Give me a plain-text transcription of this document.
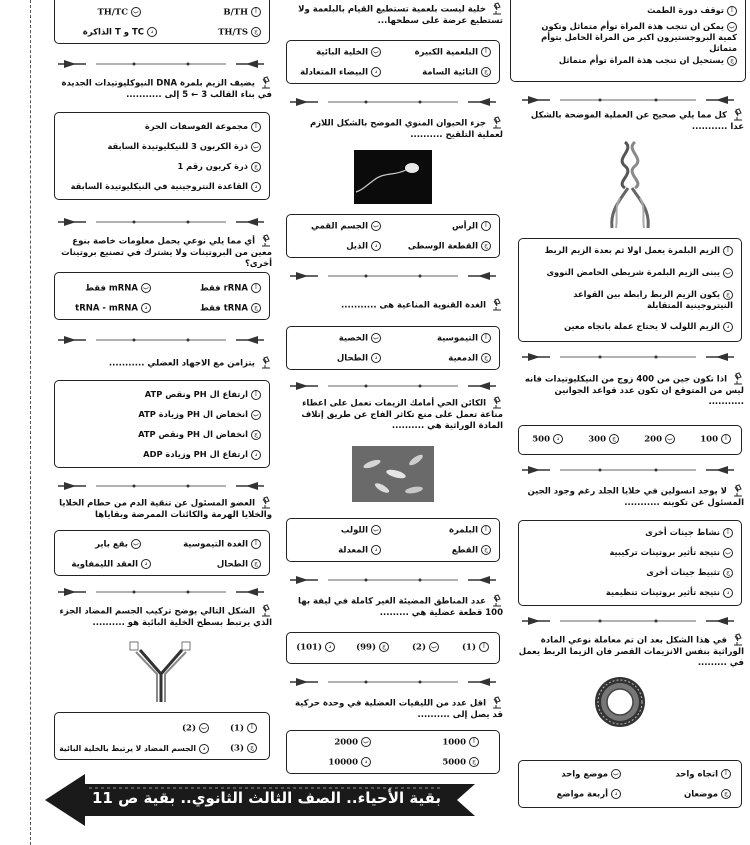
أتوقف دورة الطمث
بيمكن ان تنجب هذة المراة توأم متماثل وتكون كمية البروجستيرون اكبر من المراة الحامل بتوأم متماثل
جيستحيل ان تنجب هذة المراة توأم متماثل
كل مما يلي صحيح عن العملية الموضحة بالشكل عدا ...........
أالزيم البلمرة يعمل اولا ثم بعدة الزيم الربط
بيبنى الزيم البلمرة شريطي الحامض النووى
جيكون الزيم الربط رابطة بين القواعد النيتروجينية المتقابلة
دالزيم اللولب لا يحتاج عملة باتجاه معين
اذا تكون جين من 400 زوج من النيكليوتيدات فانه ليس من المتوقع ان تكون عدد قواعد الجوانين ...........
أ100
ب200
ج300
د500
لا يوجد انسولين في خلايا الجلد رغم وجود الجين المسئول عن تكوينه ...........
أنشاط جينات أخرى
بنتيجة تأثير بروتينات تركيبية
جتثبيط جينات أخرى
دنتيجة تأثير بروتينات تنظيمية
في هذا الشكل بعد ان تم معاملة نوعي المادة الوراثية بنفس الانزيمات القصر فان الزيما الربط يعمل في .........
أاتجاه واحد
بموضع واحد
جموضعان
دأربعة مواضع
خلية ليست بلعمية تستطيع القيام بالبلعمة ولا تستطيع عرضة على سطحها...
أالبلعمية الكبيرة
بالخلية البائية
جالتائية السامة
دالبيضاء المتعادلة
جزء الحيوان المنوي الموضح بالشكل اللازم لعملية التلقيح ..........
أالرأس
بالجسم القمي
جالقطعة الوسطى
دالذيل
الغدة القنوية المناعية هى ...........
أالتيموسية
بالخصية
جالدمعية
دالطحال
الكائن الحي أمامك الزيمات تعمل على اعطاء مناعة تعمل على منع تكاثر الفاج عن طريق إتلاف المادة الوراثية هي ..........
أالبلمرة
باللولب
جالقطع
دالمعدلة
عدد المناطق المضيئة الغير كاملة في ليفة بها 100 قطعة عضلية هي .........
أ(1)
ب(2)
ج(99)
د(101)
اقل عدد من الليفيات العضلية في وحدة حركية قد يصل إلى ..........
أ1000
ب2000
ج5000
د10000
أB/TH
بTH/TC
جTH/TS
دTC و T الذاكرة
يضيف الزيم بلمرة DNA النيوكليوتيدات الجديدة في بناء القالب 3 ← 5 إلى ...........
أمجموعة الفوسفات الحرة
بذرة الكربون 3 للنيكليوتيدة السابقة
جذرة كربون رقم 1
دالقاعدة النتروجينية في النيكليوتيدة السابقة
أي مما يلي نوعي يحمل معلومات خاصة بنوع معين من البروتينات ولا يشترك في تصنيع بروتينات أخرى؟
أrRNA فقط
بmRNA فقط
جtRNA فقط
دtRNA - mRNA
يتزامن مع الاجهاد العضلي ...........
أارتفاع ال PH ونقص ATP
بانخفاض ال PH وزيادة ATP
جانخفاض ال PH ونقص ATP
دارتفاع ال PH وزيادة ADP
العضو المسئول عن تنقية الدم من حطام الخلايا والخلايا الهرمة والكائنات الممرضة وبقاياها
أالغدة التيموسية
ببقع باير
جالطحال
دالعقد الليمفاوية
الشكل التالي يوضح تركيب الجسم المضاد الجزء الذي يرتبط بسطح الخلية البائية هو ..........
أ(1)
ب(2)
ج(3)
دالجسم المضاد لا يرتبط بالخلية البائية
بقية الأحياء.. الصف الثالث الثانوي.. بقية ص 11
